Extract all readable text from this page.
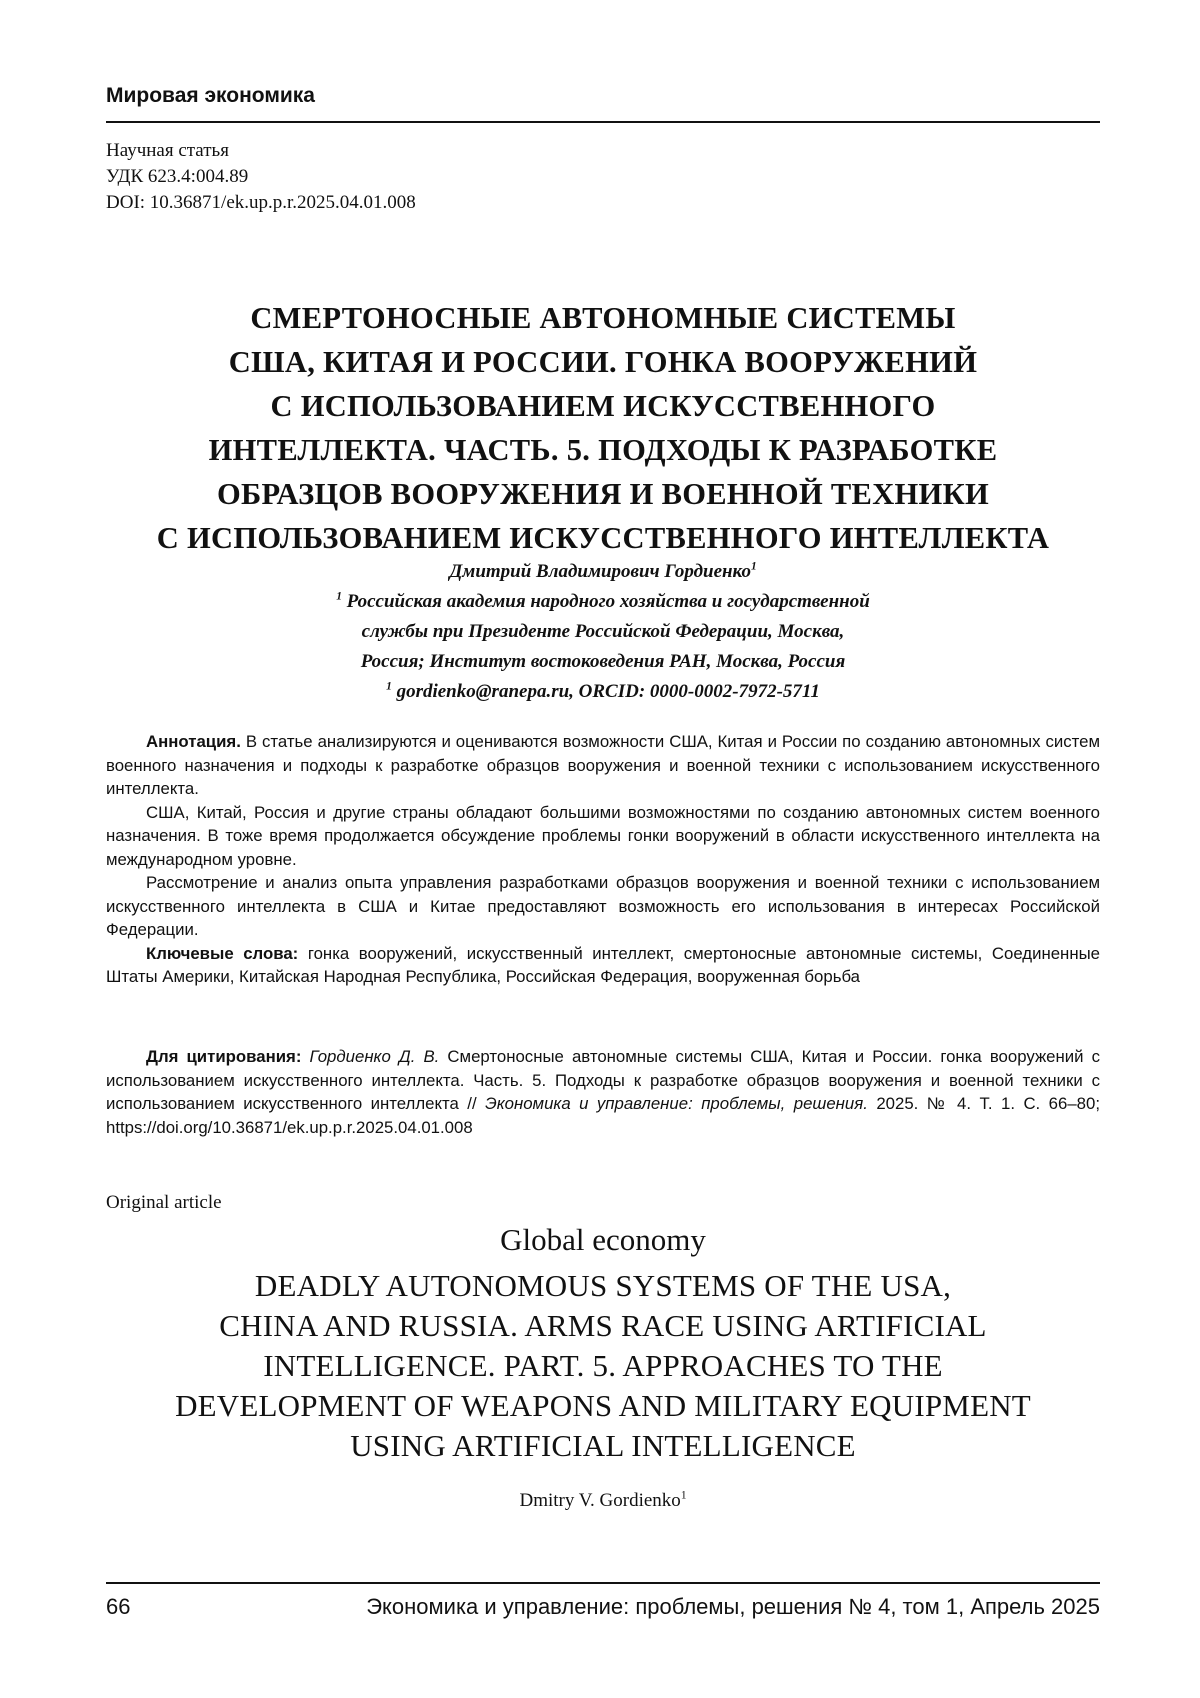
Мировая экономика
Научная статья
УДК 623.4:004.89
DOI: 10.36871/ek.up.p.r.2025.04.01.008
СМЕРТОНОСНЫЕ АВТОНОМНЫЕ СИСТЕМЫ
США, КИТАЯ И РОССИИ. ГОНКА ВООРУЖЕНИЙ
С ИСПОЛЬЗОВАНИЕМ ИСКУССТВЕННОГО
ИНТЕЛЛЕКТА. ЧАСТЬ. 5. ПОДХОДЫ К РАЗРАБОТКЕ
ОБРАЗЦОВ ВООРУЖЕНИЯ И ВОЕННОЙ ТЕХНИКИ
С ИСПОЛЬЗОВАНИЕМ ИСКУССТВЕННОГО ИНТЕЛЛЕКТА
Дмитрий Владимирович Гордиенко$^1$
$^1$ Российская академия народного хозяйства и государственной
службы при Президенте Российской Федерации, Москва,
Россия; Институт востоковедения РАН, Москва, Россия
$^1$ gordienko@ranepa.ru, ORCID: 0000-0002-7972-5711

Аннотация. В статье анализируются и оцениваются возможности США, Китая и России по созданию автономных систем военного назначения и подходы к разработке образцов вооружения и военной техники с использованием искусственного интеллекта.

США, Китай, Россия и другие страны обладают большими возможностями по созданию автономных систем военного назначения. В тоже время продолжается обсуждение проблемы гонки вооружений в области искусственного интеллекта на международном уровне.

Рассмотрение и анализ опыта управления разработками образцов вооружения и военной техники с использованием искусственного интеллекта в США и Китае предоставляют возможность его использования в интересах Российской Федерации.

Ключевые слова: гонка вооружений, искусственный интеллект, смертоносные автономные системы, Соединенные Штаты Америки, Китайская Народная Республика, Российская Федерация, вооруженная борьба

Для цитирования: Гордиенко Д. В. Смертоносные автономные системы США, Китая и России. гонка вооружений с использованием искусственного интеллекта. Часть. 5. Подходы к разработке образцов вооружения и военной техники с использованием искусственного интеллекта // Экономика и управление: проблемы, решения. 2025. № 4. Т. 1. С. 66–80; https://doi.org/10.36871/ek.up.p.r.2025.04.01.008

Original article
Global economy
DEADLY AUTONOMOUS SYSTEMS OF THE USA,
CHINA AND RUSSIA. ARMS RACE USING ARTIFICIAL
INTELLIGENCE. PART. 5. APPROACHES TO THE
DEVELOPMENT OF WEAPONS AND MILITARY EQUIPMENT
USING ARTIFICIAL INTELLIGENCE
Dmitry V. Gordienko$^1$
66	Экономика и управление: проблемы, решения № 4, том 1, Апрель 2025
